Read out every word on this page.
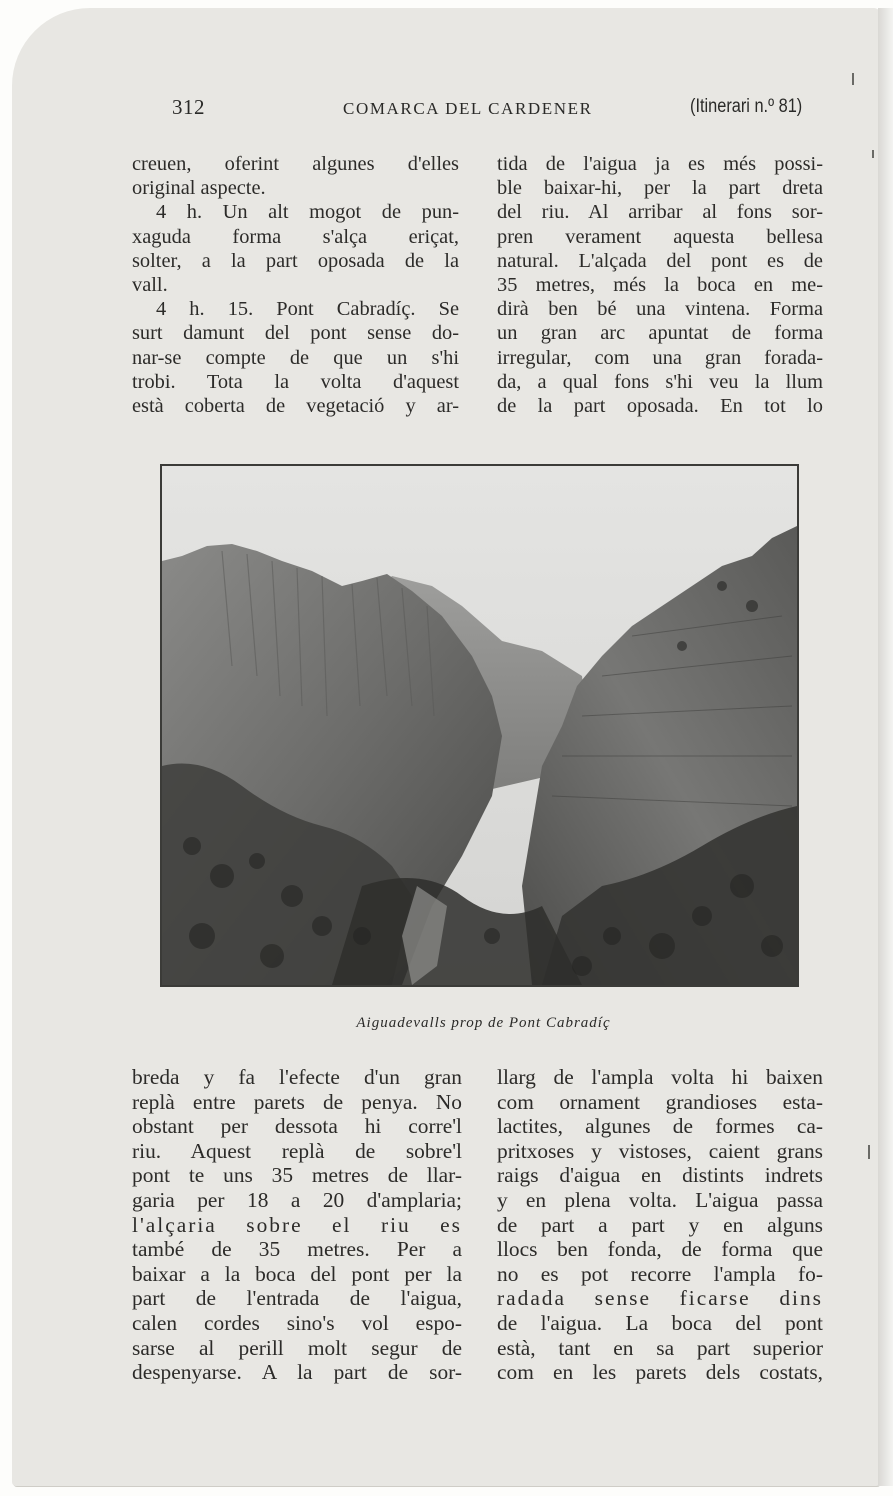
312	COMARCA DEL CARDENER	(Itinerari n.º 81)
creuen, oferint algunes d'elles
original aspecte.
4 h. Un alt mogot de pun-
xaguda forma s'alça eriçat,
solter, a la part oposada de la
vall.
4 h. 15. Pont Cabradíç. Se
surt damunt del pont sense do-
nar-se compte de que un s'hi
trobi. Tota la volta d'aquest
està coberta de vegetació y ar-
tida de l'aigua ja es més possi-
ble baixar-hi, per la part dreta
del riu. Al arribar al fons sor-
pren verament aquesta bellesa
natural. L'alçada del pont es de
35 metres, més la boca en me-
dirà ben bé una vintena. Forma
un gran arc apuntat de forma
irregular, com una gran forada-
da, a qual fons s'hi veu la llum
de la part oposada. En tot lo
Aiguadevalls prop de Pont Cabradíç
breda y fa l'efecte d'un gran
replà entre parets de penya. No
obstant per dessota hi corre'l
riu. Aquest replà de sobre'l
pont te uns 35 metres de llar-
garia per 18 a 20 d'amplaria;
l'alçaria sobre el riu es
també de 35 metres. Per a
baixar a la boca del pont per la
part de l'entrada de l'aigua,
calen cordes sino's vol espo-
sarse al perill molt segur de
despenyarse. A la part de sor-
llarg de l'ampla volta hi baixen
com ornament grandioses esta-
lactites, algunes de formes ca-
pritxoses y vistoses, caient grans
raigs d'aigua en distints indrets
y en plena volta. L'aigua passa
de part a part y en alguns
llocs ben fonda, de forma que
no es pot recorre l'ampla fo-
radada sense ficarse dins
de l'aigua. La boca del pont
està, tant en sa part superior
com en les parets dels costats,
